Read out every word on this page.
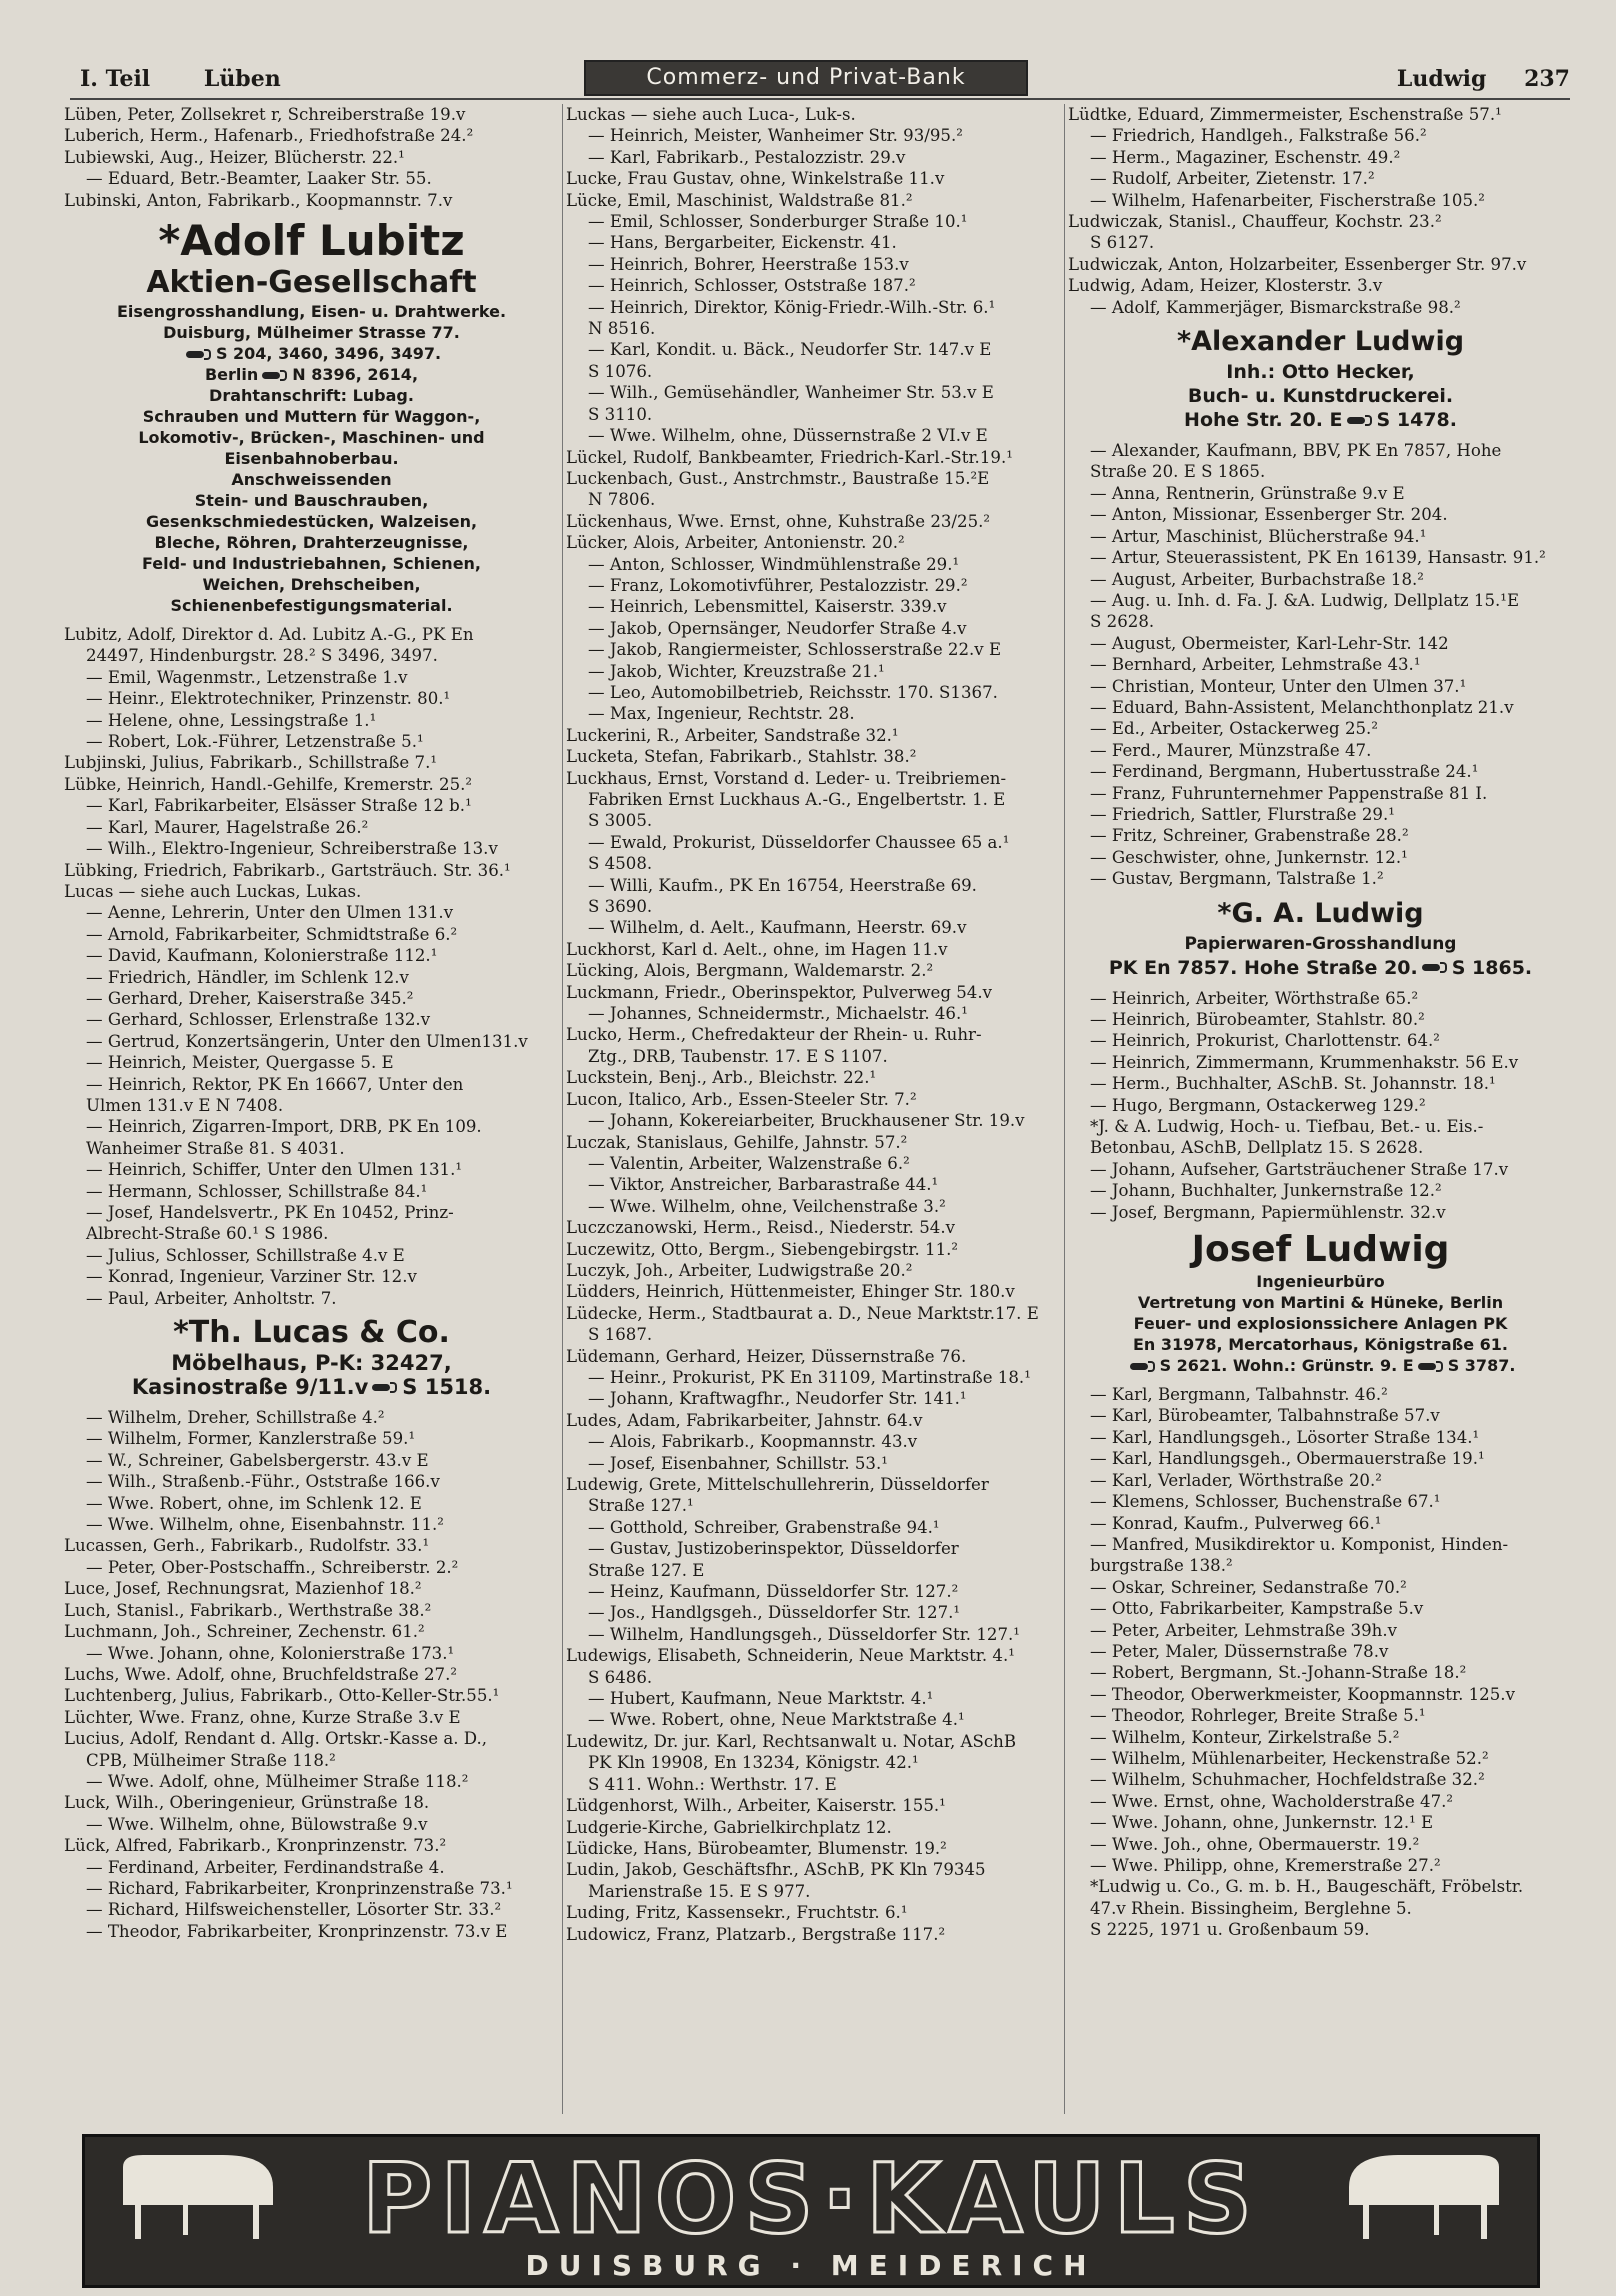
I. Teil Lüben	Commerz- und Privat-Bank	Ludwig 237
Lüben, Peter, Zollsekret r, Schreiberstraße 19.v
Luberich, Herm., Hafenarb., Friedhofstraße 24.²
Lubiewski, Aug., Heizer, Blücherstr. 22.¹
— Eduard, Betr.-Beamter, Laaker Str. 55.
Lubinski, Anton, Fabrikarb., Koopmannstr. 7.v
*Adolf Lubitz
Aktien-Gesellschaft
Eisengrosshandlung, Eisen- u. Drahtwerke.
Duisburg, Mülheimer Strasse 77.
S 204, 3460, 3496, 3497.
Berlin N 8396, 2614,
Drahtanschrift: Lubag.
Schrauben und Muttern für Waggon-,
Lokomotiv-, Brücken-, Maschinen- und
Eisenbahnoberbau.
Anschweissenden
Stein- und Bauschrauben,
Gesenkschmiedestücken, Walzeisen,
Bleche, Röhren, Drahterzeugnisse,
Feld- und Industriebahnen, Schienen,
Weichen, Drehscheiben,
Schienenbefestigungsmaterial.
Lubitz, Adolf, Direktor d. Ad. Lubitz A.-G., PK En
24497, Hindenburgstr. 28.² S 3496, 3497.
— Emil, Wagenmstr., Letzenstraße 1.v
— Heinr., Elektrotechniker, Prinzenstr. 80.¹
— Helene, ohne, Lessingstraße 1.¹
— Robert, Lok.-Führer, Letzenstraße 5.¹
Lubjinski, Julius, Fabrikarb., Schillstraße 7.¹
Lübke, Heinrich, Handl.-Gehilfe, Kremerstr. 25.²
— Karl, Fabrikarbeiter, Elsässer Straße 12 b.¹
— Karl, Maurer, Hagelstraße 26.²
— Wilh., Elektro-Ingenieur, Schreiberstraße 13.v
Lübking, Friedrich, Fabrikarb., Gartsträuch. Str. 36.¹
Lucas — siehe auch Luckas, Lukas.
— Aenne, Lehrerin, Unter den Ulmen 131.v
— Arnold, Fabrikarbeiter, Schmidtstraße 6.²
— David, Kaufmann, Kolonierstraße 112.¹
— Friedrich, Händler, im Schlenk 12.v
— Gerhard, Dreher, Kaiserstraße 345.²
— Gerhard, Schlosser, Erlenstraße 132.v
— Gertrud, Konzertsängerin, Unter den Ulmen131.v
— Heinrich, Meister, Quergasse 5. E
— Heinrich, Rektor, PK En 16667, Unter den
Ulmen 131.v E N 7408.
— Heinrich, Zigarren-Import, DRB, PK En 109.
Wanheimer Straße 81. S 4031.
— Heinrich, Schiffer, Unter den Ulmen 131.¹
— Hermann, Schlosser, Schillstraße 84.¹
— Josef, Handelsvertr., PK En 10452, Prinz-
Albrecht-Straße 60.¹ S 1986.
— Julius, Schlosser, Schillstraße 4.v E
— Konrad, Ingenieur, Varziner Str. 12.v
— Paul, Arbeiter, Anholtstr. 7.
*Th. Lucas & Co.
Möbelhaus, P-K: 32427,
Kasinostraße 9/11.v S 1518.
— Wilhelm, Dreher, Schillstraße 4.²
— Wilhelm, Former, Kanzlerstraße 59.¹
— W., Schreiner, Gabelsbergerstr. 43.v E
— Wilh., Straßenb.-Führ., Oststraße 166.v
— Wwe. Robert, ohne, im Schlenk 12. E
— Wwe. Wilhelm, ohne, Eisenbahnstr. 11.²
Lucassen, Gerh., Fabrikarb., Rudolfstr. 33.¹
— Peter, Ober-Postschaffn., Schreiberstr. 2.²
Luce, Josef, Rechnungsrat, Mazienhof 18.²
Luch, Stanisl., Fabrikarb., Werthstraße 38.²
Luchmann, Joh., Schreiner, Zechenstr. 61.²
— Wwe. Johann, ohne, Kolonierstraße 173.¹
Luchs, Wwe. Adolf, ohne, Bruchfeldstraße 27.²
Luchtenberg, Julius, Fabrikarb., Otto-Keller-Str.55.¹
Lüchter, Wwe. Franz, ohne, Kurze Straße 3.v E
Lucius, Adolf, Rendant d. Allg. Ortskr.-Kasse a. D.,
CPB, Mülheimer Straße 118.²
— Wwe. Adolf, ohne, Mülheimer Straße 118.²
Luck, Wilh., Oberingenieur, Grünstraße 18.
— Wwe. Wilhelm, ohne, Bülowstraße 9.v
Lück, Alfred, Fabrikarb., Kronprinzenstr. 73.²
— Ferdinand, Arbeiter, Ferdinandstraße 4.
— Richard, Fabrikarbeiter, Kronprinzenstraße 73.¹
— Richard, Hilfsweichensteller, Lösorter Str. 33.²
— Theodor, Fabrikarbeiter, Kronprinzenstr. 73.v E
Luckas — siehe auch Luca-, Luk-s.
— Heinrich, Meister, Wanheimer Str. 93/95.²
— Karl, Fabrikarb., Pestalozzistr. 29.v
Lucke, Frau Gustav, ohne, Winkelstraße 11.v
Lücke, Emil, Maschinist, Waldstraße 81.²
— Emil, Schlosser, Sonderburger Straße 10.¹
— Hans, Bergarbeiter, Eickenstr. 41.
— Heinrich, Bohrer, Heerstraße 153.v
— Heinrich, Schlosser, Oststraße 187.²
— Heinrich, Direktor, König-Friedr.-Wilh.-Str. 6.¹
N 8516.
— Karl, Kondit. u. Bäck., Neudorfer Str. 147.v E
S 1076.
— Wilh., Gemüsehändler, Wanheimer Str. 53.v E
S 3110.
— Wwe. Wilhelm, ohne, Düssernstraße 2 VI.v E
Lückel, Rudolf, Bankbeamter, Friedrich-Karl.-Str.19.¹
Luckenbach, Gust., Anstrchmstr., Baustraße 15.²E
N 7806.
Lückenhaus, Wwe. Ernst, ohne, Kuhstraße 23/25.²
Lücker, Alois, Arbeiter, Antonienstr. 20.²
— Anton, Schlosser, Windmühlenstraße 29.¹
— Franz, Lokomotivführer, Pestalozzistr. 29.²
— Heinrich, Lebensmittel, Kaiserstr. 339.v
— Jakob, Opernsänger, Neudorfer Straße 4.v
— Jakob, Rangiermeister, Schlosserstraße 22.v E
— Jakob, Wichter, Kreuzstraße 21.¹
— Leo, Automobilbetrieb, Reichsstr. 170. S1367.
— Max, Ingenieur, Rechtstr. 28.
Luckerini, R., Arbeiter, Sandstraße 32.¹
Lucketa, Stefan, Fabrikarb., Stahlstr. 38.²
Luckhaus, Ernst, Vorstand d. Leder- u. Treibriemen-
Fabriken Ernst Luckhaus A.-G., Engelbertstr. 1. E
S 3005.
— Ewald, Prokurist, Düsseldorfer Chaussee 65 a.¹
S 4508.
— Willi, Kaufm., PK En 16754, Heerstraße 69.
S 3690.
— Wilhelm, d. Aelt., Kaufmann, Heerstr. 69.v
Luckhorst, Karl d. Aelt., ohne, im Hagen 11.v
Lücking, Alois, Bergmann, Waldemarstr. 2.²
Luckmann, Friedr., Oberinspektor, Pulverweg 54.v
— Johannes, Schneidermstr., Michaelstr. 46.¹
Lucko, Herm., Chefredakteur der Rhein- u. Ruhr-
Ztg., DRB, Taubenstr. 17. E S 1107.
Luckstein, Benj., Arb., Bleichstr. 22.¹
Lucon, Italico, Arb., Essen-Steeler Str. 7.²
— Johann, Kokereiarbeiter, Bruckhausener Str. 19.v
Luczak, Stanislaus, Gehilfe, Jahnstr. 57.²
— Valentin, Arbeiter, Walzenstraße 6.²
— Viktor, Anstreicher, Barbarastraße 44.¹
— Wwe. Wilhelm, ohne, Veilchenstraße 3.²
Luczczanowski, Herm., Reisd., Niederstr. 54.v
Luczewitz, Otto, Bergm., Siebengebirgstr. 11.²
Luczyk, Joh., Arbeiter, Ludwigstraße 20.²
Lüdders, Heinrich, Hüttenmeister, Ehinger Str. 180.v
Lüdecke, Herm., Stadtbaurat a. D., Neue Marktstr.17. E
S 1687.
Lüdemann, Gerhard, Heizer, Düssernstraße 76.
— Heinr., Prokurist, PK En 31109, Martinstraße 18.¹
— Johann, Kraftwagfhr., Neudorfer Str. 141.¹
Ludes, Adam, Fabrikarbeiter, Jahnstr. 64.v
— Alois, Fabrikarb., Koopmannstr. 43.v
— Josef, Eisenbahner, Schillstr. 53.¹
Ludewig, Grete, Mittelschullehrerin, Düsseldorfer
Straße 127.¹
— Gotthold, Schreiber, Grabenstraße 94.¹
— Gustav, Justizoberinspektor, Düsseldorfer
Straße 127. E
— Heinz, Kaufmann, Düsseldorfer Str. 127.²
— Jos., Handlgsgeh., Düsseldorfer Str. 127.¹
— Wilhelm, Handlungsgeh., Düsseldorfer Str. 127.¹
Ludewigs, Elisabeth, Schneiderin, Neue Marktstr. 4.¹
S 6486.
— Hubert, Kaufmann, Neue Marktstr. 4.¹
— Wwe. Robert, ohne, Neue Marktstraße 4.¹
Ludewitz, Dr. jur. Karl, Rechtsanwalt u. Notar, ASchB
PK Kln 19908, En 13234, Königstr. 42.¹
S 411. Wohn.: Werthstr. 17. E
Lüdgenhorst, Wilh., Arbeiter, Kaiserstr. 155.¹
Ludgerie-Kirche, Gabrielkirchplatz 12.
Lüdicke, Hans, Bürobeamter, Blumenstr. 19.²
Ludin, Jakob, Geschäftsfhr., ASchB, PK Kln 79345
Marienstraße 15. E S 977.
Luding, Fritz, Kassensekr., Fruchtstr. 6.¹
Ludowicz, Franz, Platzarb., Bergstraße 117.²
Lüdtke, Eduard, Zimmermeister, Eschenstraße 57.¹
— Friedrich, Handlgeh., Falkstraße 56.²
— Herm., Magaziner, Eschenstr. 49.²
— Rudolf, Arbeiter, Zietenstr. 17.²
— Wilhelm, Hafenarbeiter, Fischerstraße 105.²
Ludwiczak, Stanisl., Chauffeur, Kochstr. 23.²
S 6127.
Ludwiczak, Anton, Holzarbeiter, Essenberger Str. 97.v
Ludwig, Adam, Heizer, Klosterstr. 3.v
— Adolf, Kammerjäger, Bismarckstraße 98.²
*Alexander Ludwig
Inh.: Otto Hecker,
Buch- u. Kunstdruckerei.
Hohe Str. 20. E S 1478.
— Alexander, Kaufmann, BBV, PK En 7857, Hohe
Straße 20. E S 1865.
— Anna, Rentnerin, Grünstraße 9.v E
— Anton, Missionar, Essenberger Str. 204.
— Artur, Maschinist, Blücherstraße 94.¹
— Artur, Steuerassistent, PK En 16139, Hansastr. 91.²
— August, Arbeiter, Burbachstraße 18.²
— Aug. u. Inh. d. Fa. J. &A. Ludwig, Dellplatz 15.¹E
S 2628.
— August, Obermeister, Karl-Lehr-Str. 142
— Bernhard, Arbeiter, Lehmstraße 43.¹
— Christian, Monteur, Unter den Ulmen 37.¹
— Eduard, Bahn-Assistent, Melanchthonplatz 21.v
— Ed., Arbeiter, Ostackerweg 25.²
— Ferd., Maurer, Münzstraße 47.
— Ferdinand, Bergmann, Hubertusstraße 24.¹
— Franz, Fuhrunternehmer Pappenstraße 81 I.
— Friedrich, Sattler, Flurstraße 29.¹
— Fritz, Schreiner, Grabenstraße 28.²
— Geschwister, ohne, Junkernstr. 12.¹
— Gustav, Bergmann, Talstraße 1.²
*G. A. Ludwig
Papierwaren-Grosshandlung
PK En 7857. Hohe Straße 20. S 1865.
— Heinrich, Arbeiter, Wörthstraße 65.²
— Heinrich, Bürobeamter, Stahlstr. 80.²
— Heinrich, Prokurist, Charlottenstr. 64.²
— Heinrich, Zimmermann, Krummenhakstr. 56 E.v
— Herm., Buchhalter, ASchB. St. Johannstr. 18.¹
— Hugo, Bergmann, Ostackerweg 129.²
*J. & A. Ludwig, Hoch- u. Tiefbau, Bet.- u. Eis.-
Betonbau, ASchB, Dellplatz 15. S 2628.
— Johann, Aufseher, Gartsträuchener Straße 17.v
— Johann, Buchhalter, Junkernstraße 12.²
— Josef, Bergmann, Papiermühlenstr. 32.v
Josef Ludwig
Ingenieurbüro
Vertretung von Martini & Hüneke, Berlin
Feuer- und explosionssichere Anlagen PK
En 31978, Mercatorhaus, Königstraße 61.
S 2621. Wohn.: Grünstr. 9. E S 3787.
— Karl, Bergmann, Talbahnstr. 46.²
— Karl, Bürobeamter, Talbahnstraße 57.v
— Karl, Handlungsgeh., Lösorter Straße 134.¹
— Karl, Handlungsgeh., Obermauerstraße 19.¹
— Karl, Verlader, Wörthstraße 20.²
— Klemens, Schlosser, Buchenstraße 67.¹
— Konrad, Kaufm., Pulverweg 66.¹
— Manfred, Musikdirektor u. Komponist, Hinden-
burgstraße 138.²
— Oskar, Schreiner, Sedanstraße 70.²
— Otto, Fabrikarbeiter, Kampstraße 5.v
— Peter, Arbeiter, Lehmstraße 39h.v
— Peter, Maler, Düssernstraße 78.v
— Robert, Bergmann, St.-Johann-Straße 18.²
— Theodor, Oberwerkmeister, Koopmannstr. 125.v
— Theodor, Rohrleger, Breite Straße 5.¹
— Wilhelm, Konteur, Zirkelstraße 5.²
— Wilhelm, Mühlenarbeiter, Heckenstraße 52.²
— Wilhelm, Schuhmacher, Hochfeldstraße 32.²
— Wwe. Ernst, ohne, Wacholderstraße 47.²
— Wwe. Johann, ohne, Junkernstr. 12.¹ E
— Wwe. Joh., ohne, Obermauerstr. 19.²
— Wwe. Philipp, ohne, Kremerstraße 27.²
*Ludwig u. Co., G. m. b. H., Baugeschäft, Fröbelstr.
47.v Rhein. Bissingheim, Berglehne 5.
S 2225, 1971 u. Großenbaum 59.
PIANOS·KAULS
DUISBURG · MEIDERICH
